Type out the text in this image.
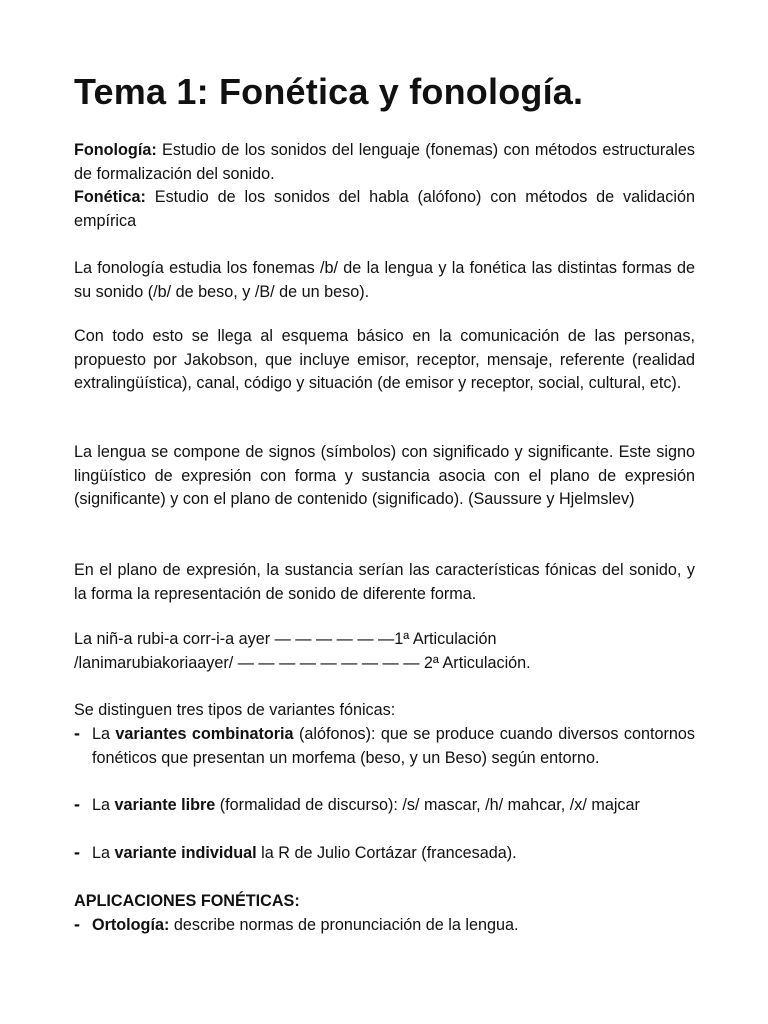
Tema 1: Fonética y fonología.

Fonología: Estudio de los sonidos del lenguaje (fonemas) con métodos estructurales de formalización del sonido.

Fonética: Estudio de los sonidos del habla (alófono) con métodos de validación empírica

La fonología estudia los fonemas /b/ de la lengua y la fonética las distintas formas de su sonido (/b/ de beso, y /B/ de un beso).

Con todo esto se llega al esquema básico en la comunicación de las personas, propuesto por Jakobson, que incluye emisor, receptor, mensaje, referente (realidad extralingüística), canal, código y situación (de emisor y receptor, social, cultural, etc).

La lengua se compone de signos (símbolos) con significado y significante. Este signo lingüístico de expresión con forma y sustancia asocia con el plano de expresión (significante) y con el plano de contenido (significado). (Saussure y Hjelmslev)

En el plano de expresión, la sustancia serían las características fónicas del sonido, y la forma la representación de sonido de diferente forma.

La niñ-a rubi-a corr-i-a ayer — — — — — —1ª Articulación

/lanimarubiakoriaayer/ — — — — — — — — — 2ª Articulación.

Se distinguen tres tipos de variantes fónicas:

- La variantes combinatoria (alófonos): que se produce cuando diversos contornos fonéticos que presentan un morfema (beso, y un Beso) según entorno.
- La variante libre (formalidad de discurso): /s/ mascar, /h/ mahcar, /x/ majcar
- La variante individual la R de Julio Cortázar (francesada).

APLICACIONES FONÉTICAS:

- Ortología: describe normas de pronunciación de la lengua.
